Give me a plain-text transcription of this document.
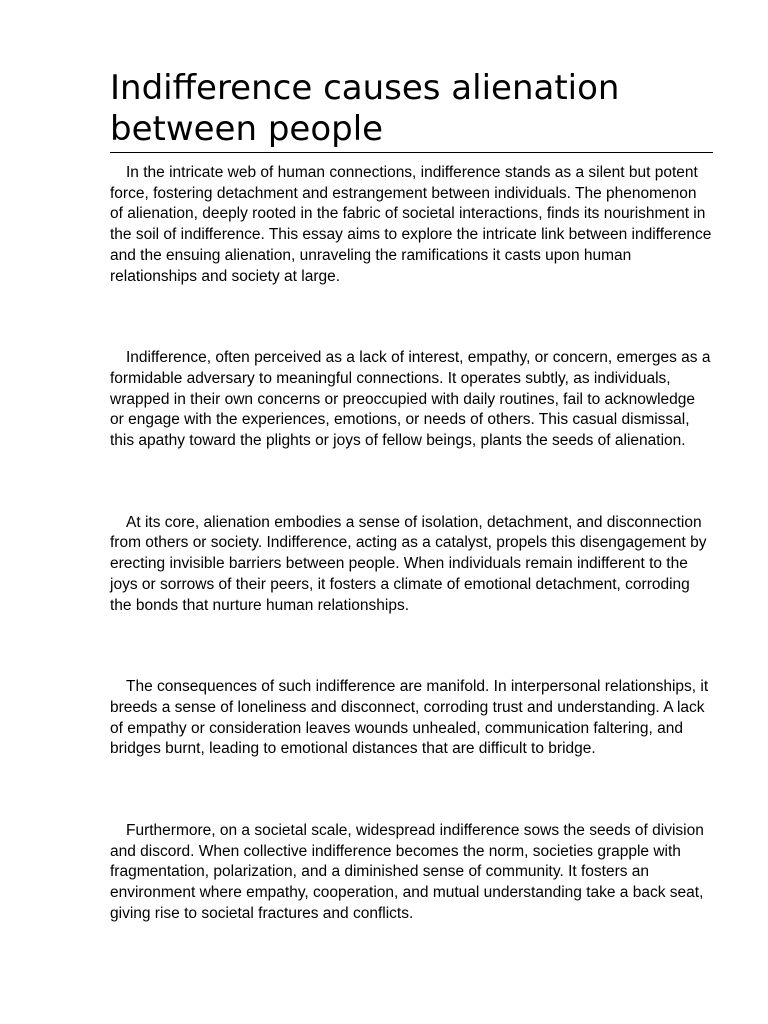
Indifference causes alienation between people

In the intricate web of human connections, indifference stands as a silent but potent force, fostering detachment and estrangement between individuals. The phenomenon of alienation, deeply rooted in the fabric of societal interactions, finds its nourishment in the soil of indifference. This essay aims to explore the intricate link between indifference and the ensuing alienation, unraveling the ramifications it casts upon human relationships and society at large.

Indifference, often perceived as a lack of interest, empathy, or concern, emerges as a formidable adversary to meaningful connections. It operates subtly, as individuals, wrapped in their own concerns or preoccupied with daily routines, fail to acknowledge or engage with the experiences, emotions, or needs of others. This casual dismissal, this apathy toward the plights or joys of fellow beings, plants the seeds of alienation.

At its core, alienation embodies a sense of isolation, detachment, and disconnection from others or society. Indifference, acting as a catalyst, propels this disengagement by erecting invisible barriers between people. When individuals remain indifferent to the joys or sorrows of their peers, it fosters a climate of emotional detachment, corroding the bonds that nurture human relationships.

The consequences of such indifference are manifold. In interpersonal relationships, it breeds a sense of loneliness and disconnect, corroding trust and understanding. A lack of empathy or consideration leaves wounds unhealed, communication faltering, and bridges burnt, leading to emotional distances that are difficult to bridge.

Furthermore, on a societal scale, widespread indifference sows the seeds of division and discord. When collective indifference becomes the norm, societies grapple with fragmentation, polarization, and a diminished sense of community. It fosters an environment where empathy, cooperation, and mutual understanding take a back seat, giving rise to societal fractures and conflicts.
